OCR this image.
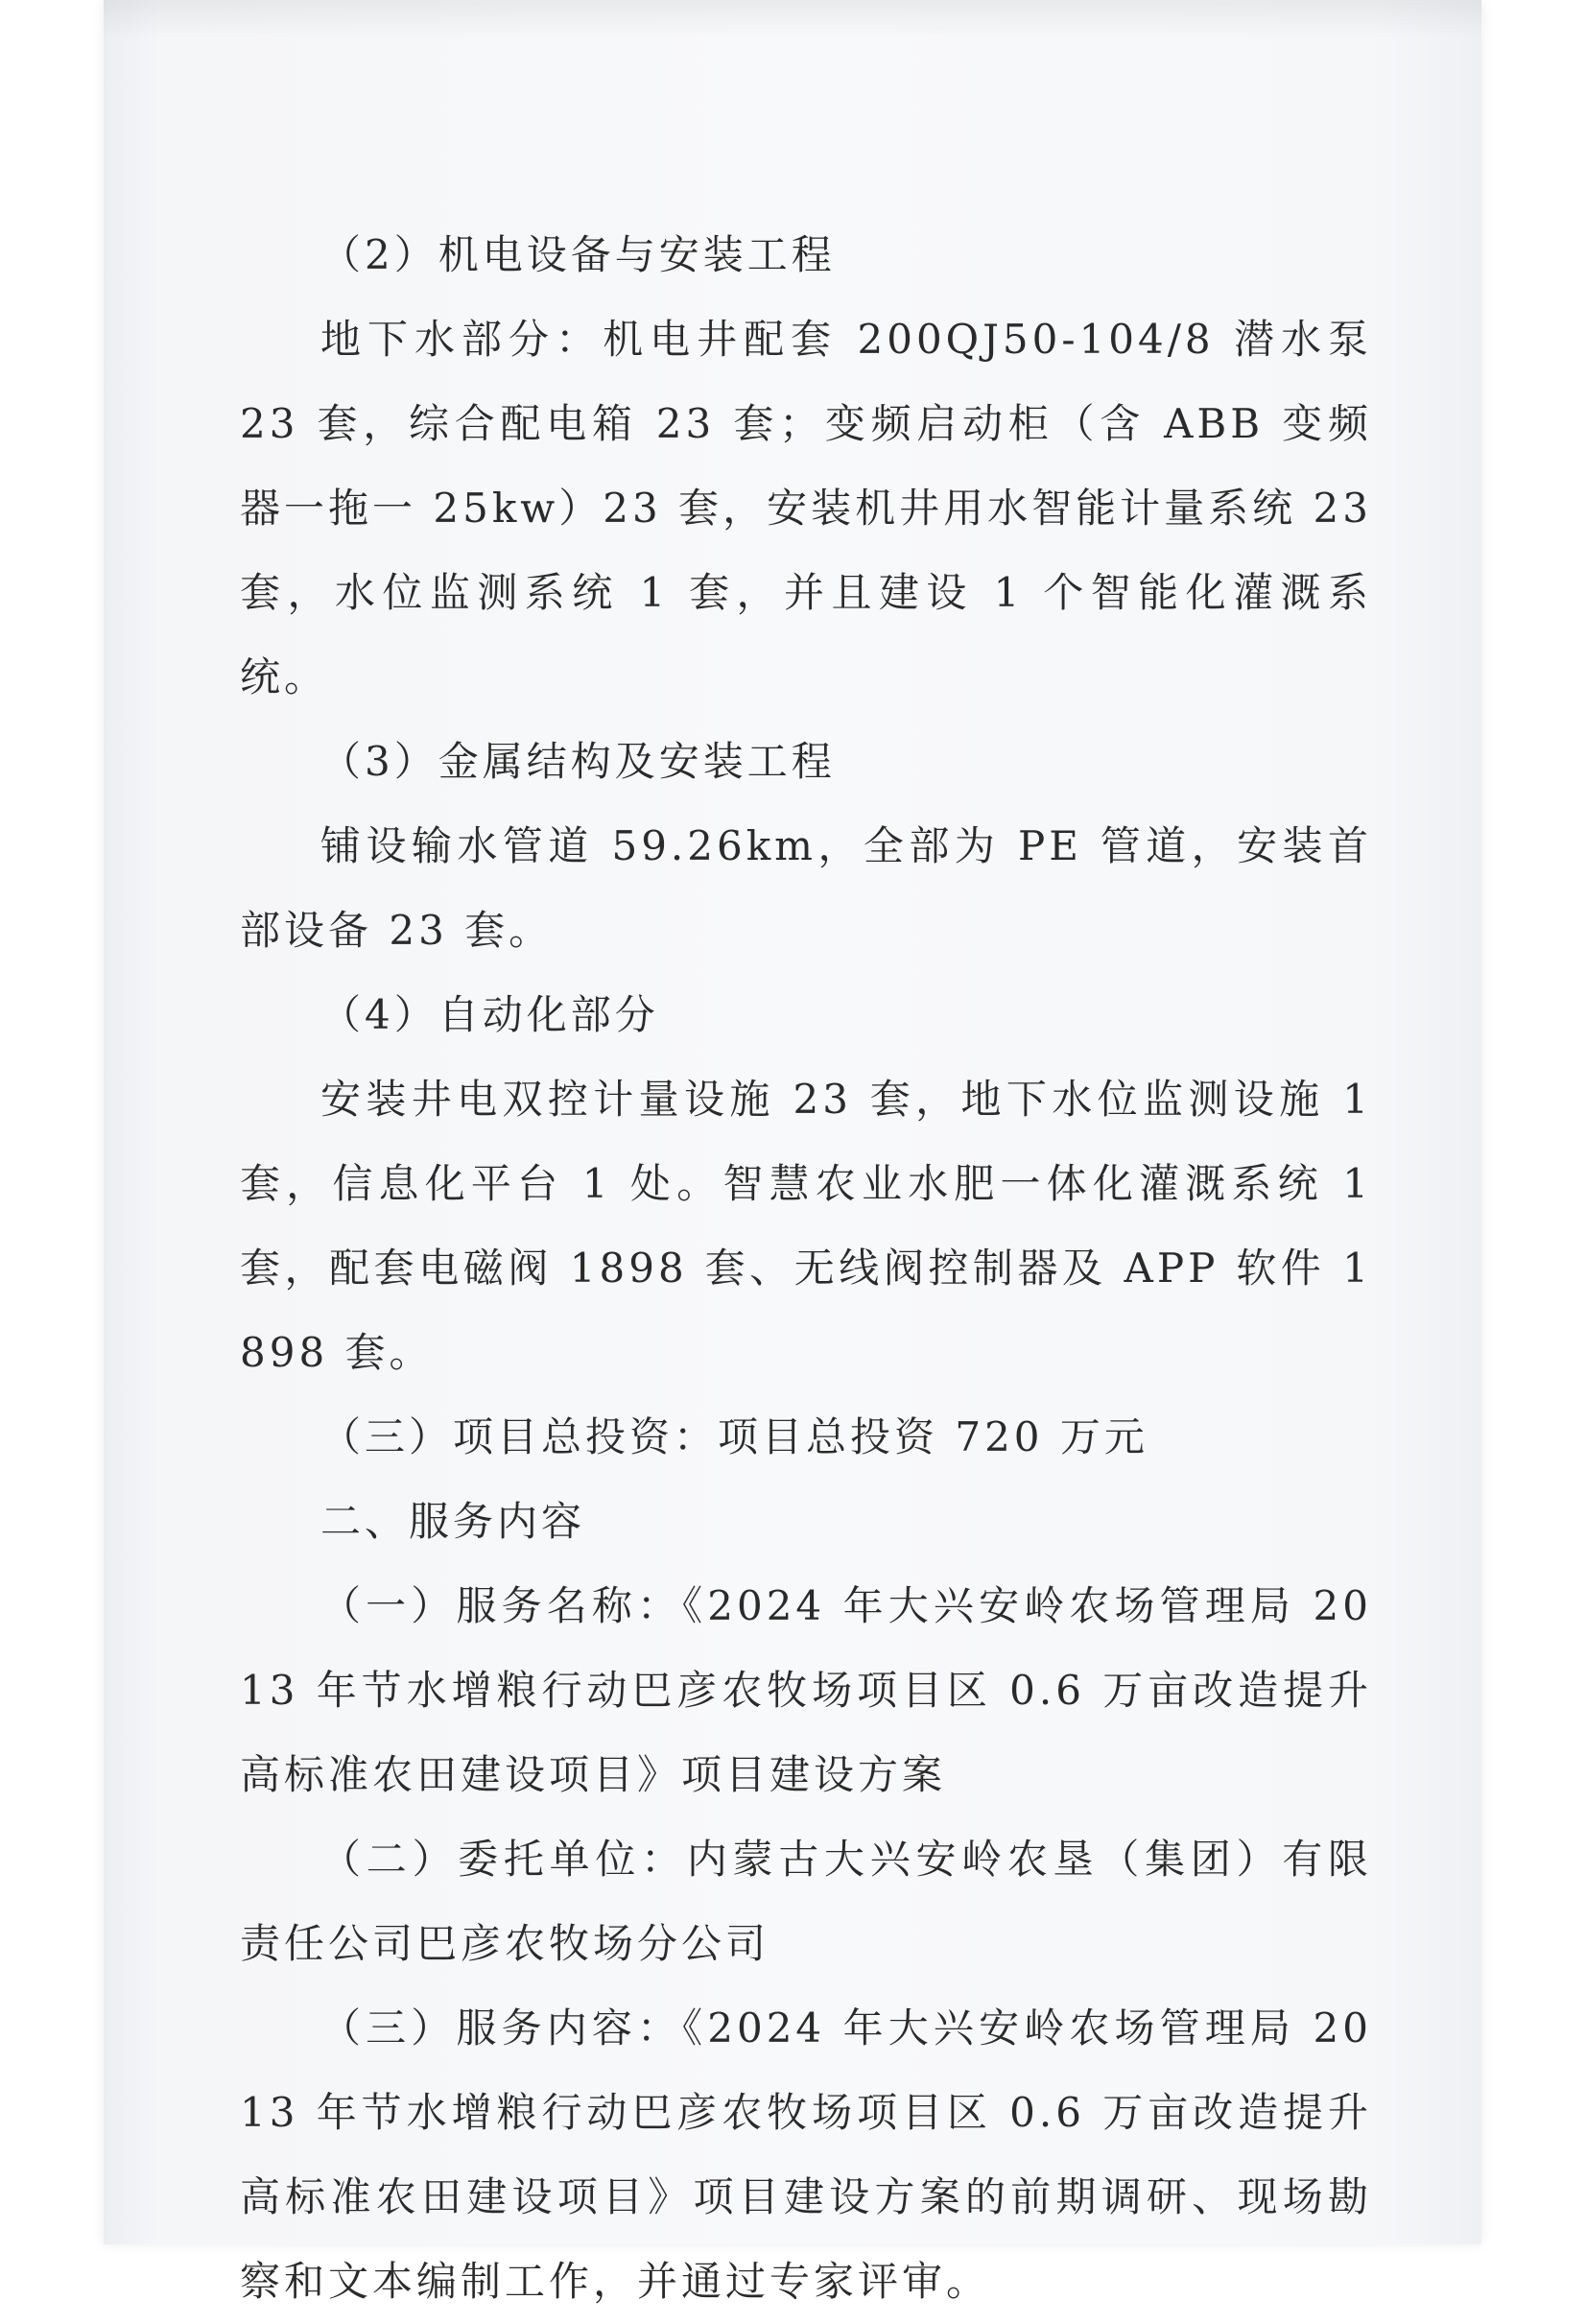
（2）机电设备与安装工程

地下水部分：机电井配套 200QJ50-104/8 潜水泵 23 套，综合配电箱 23 套；变频启动柜（含 ABB 变频器一拖一 25kw）23 套，安装机井用水智能计量系统 23 套，水位监测系统 1 套，并且建设 1 个智能化灌溉系统。

（3）金属结构及安装工程

铺设输水管道 59.26km，全部为 PE 管道，安装首部设备 23 套。

（4）自动化部分

安装井电双控计量设施 23 套，地下水位监测设施 1 套，信息化平台 1 处。智慧农业水肥一体化灌溉系统 1 套，配套电磁阀 1898 套、无线阀控制器及 APP 软件 1898 套。

（三）项目总投资：项目总投资 720 万元

二、服务内容

（一）服务名称：《2024 年大兴安岭农场管理局 2013 年节水增粮行动巴彦农牧场项目区 0.6 万亩改造提升高标准农田建设项目》项目建设方案

（二）委托单位：内蒙古大兴安岭农垦（集团）有限责任公司巴彦农牧场分公司

（三）服务内容：《2024 年大兴安岭农场管理局 2013 年节水增粮行动巴彦农牧场项目区 0.6 万亩改造提升高标准农田建设项目》项目建设方案的前期调研、现场勘察和文本编制工作，并通过专家评审。
